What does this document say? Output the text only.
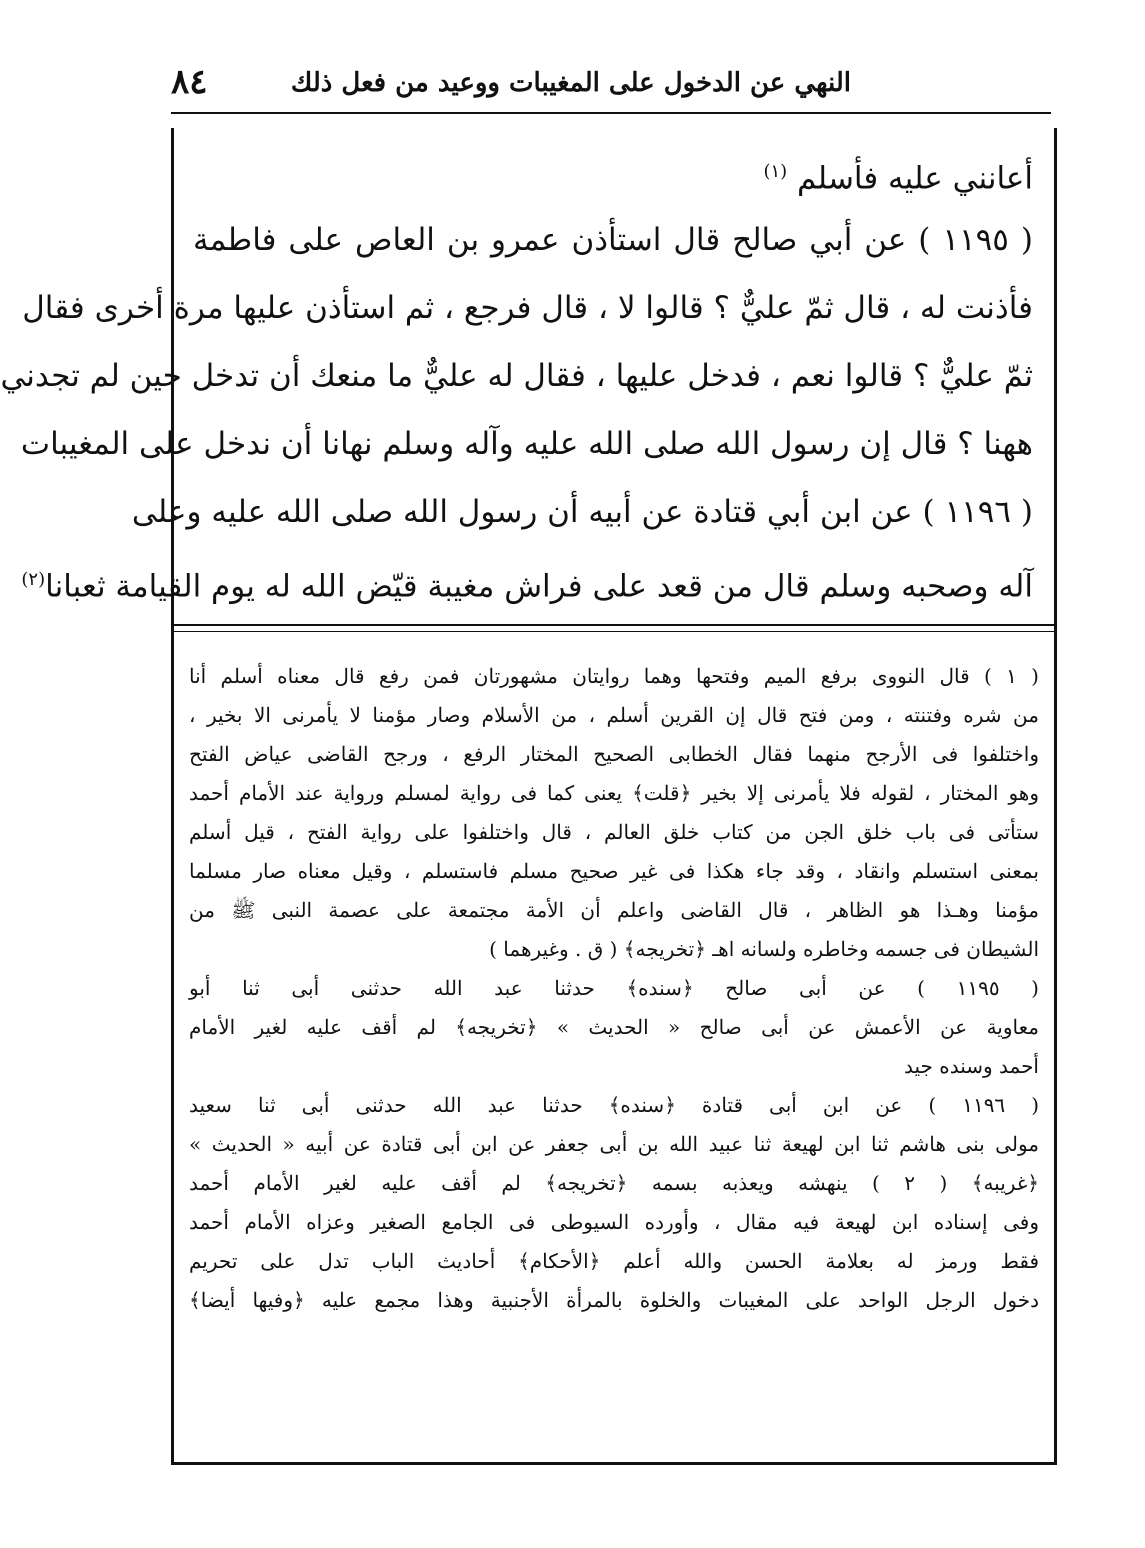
٨٤	النهي عن الدخول على المغيبات ووعيد من فعل ذلك
أعانني عليه فأسلم $^{(١)}$
( ١١٩٥ ) عن أبي صالح قال استأذن عمرو بن العاص على فاطمة
فأذنت له ، قال ثمّ عليٌّ ؟ قالوا لا ، قال فرجع ، ثم استأذن عليها مرة أخرى فقال
ثمّ عليٌّ ؟ قالوا نعم ، فدخل عليها ، فقال له عليٌّ ما منعك أن تدخل حين لم تجدني
ههنا ؟ قال إن رسول الله صلى الله عليه وآله وسلم نهانا أن ندخل على المغيبات
( ١١٩٦ ) عن ابن أبي قتادة عن أبيه أن رسول الله صلى الله عليه وعلى
آله وصحبه وسلم قال من قعد على فراش مغيبة قيّض الله له يوم القيامة ثعبانا$^{(٢)}$
( ١ ) قال النووى برفع الميم وفتحها وهما روايتان مشهورتان فمن رفع قال معناه أسلم أنا
من شره وفتنته ، ومن فتح قال إن القرين أسلم ، من الأسلام وصار مؤمنا لا يأمرنى الا بخير ،
واختلفوا فى الأرجح منهما فقال الخطابى الصحيح المختار الرفع ، ورجح القاضى عياض الفتح
وهو المختار ، لقوله فلا يأمرنى إلا بخير ﴿قلت﴾ يعنى كما فى رواية لمسلم ورواية عند الأمام أحمد
ستأتى فى باب خلق الجن من كتاب خلق العالم ، قال واختلفوا على رواية الفتح ، قيل أسلم
بمعنى استسلم وانقاد ، وقد جاء هكذا فى غير صحيح مسلم فاستسلم ، وقيل معناه صار مسلما
مؤمنا وهـذا هو الظاهر ، قال القاضى واعلم أن الأمة مجتمعة على عصمة النبى ﷺ من
الشيطان فى جسمه وخاطره ولسانه اهـ ﴿تخريجه﴾ ( ق . وغيرهما )
( ١١٩٥ ) عن أبى صالح ﴿سنده﴾ حدثنا عبد الله حدثنى أبى ثنا أبو
معاوية عن الأعمش عن أبى صالح « الحديث » ﴿تخريجه﴾ لم أقف عليه لغير الأمام
أحمد وسنده جيد
( ١١٩٦ ) عن ابن أبى قتادة ﴿سنده﴾ حدثنا عبد الله حدثنى أبى ثنا سعيد
مولى بنى هاشم ثنا ابن لهيعة ثنا عبيد الله بن أبى جعفر عن ابن أبى قتادة عن أبيه « الحديث »
﴿غريبه﴾ ( ٢ ) ينهشه ويعذبه بسمه ﴿تخريجه﴾ لم أقف عليه لغير الأمام أحمد
وفى إسناده ابن لهيعة فيه مقال ، وأورده السيوطى فى الجامع الصغير وعزاه الأمام أحمد
فقط ورمز له بعلامة الحسن والله أعلم ﴿الأحكام﴾ أحاديث الباب تدل على تحريم
دخول الرجل الواحد على المغيبات والخلوة بالمرأة الأجنبية وهذا مجمع عليه ﴿وفيها أيضا﴾
